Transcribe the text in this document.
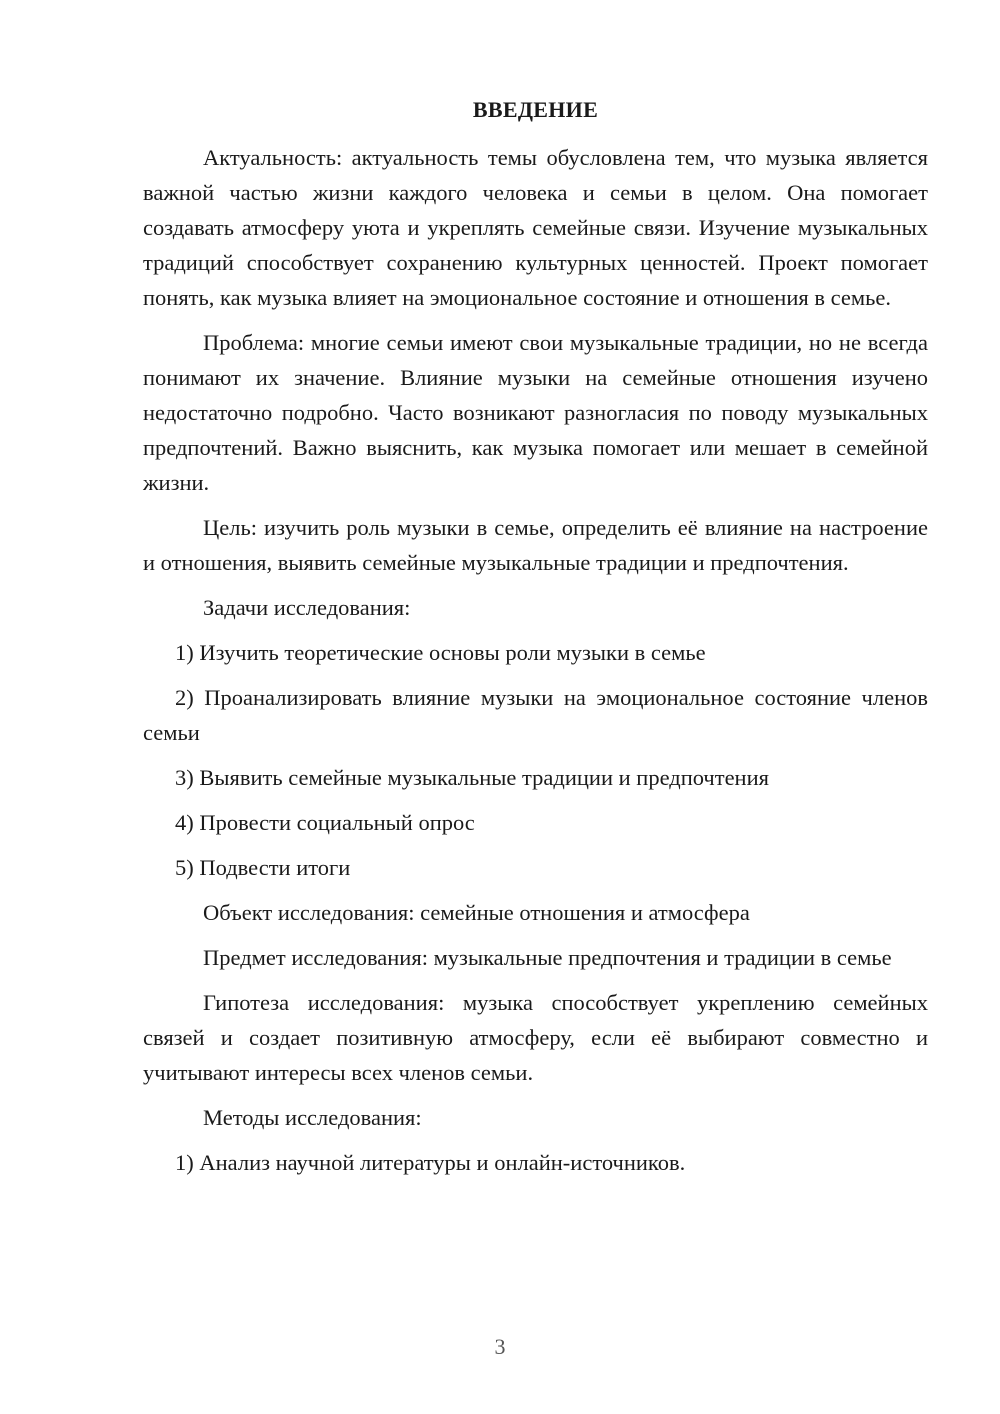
ВВЕДЕНИЕ

Актуальность: актуальность темы обусловлена тем, что музыка является важной частью жизни каждого человека и семьи в целом. Она помогает создавать атмосферу уюта и укреплять семейные связи. Изучение музыкальных традиций способствует сохранению культурных ценностей. Проект помогает понять, как музыка влияет на эмоциональное состояние и отношения в семье.

Проблема: многие семьи имеют свои музыкальные традиции, но не всегда понимают их значение. Влияние музыки на семейные отношения изучено недостаточно подробно. Часто возникают разногласия по поводу музыкальных предпочтений. Важно выяснить, как музыка помогает или мешает в семейной жизни.

Цель: изучить роль музыки в семье, определить её влияние на настроение и отношения, выявить семейные музыкальные традиции и предпочтения.

Задачи исследования:

1) Изучить теоретические основы роли музыки в семье

2) Проанализировать влияние музыки на эмоциональное состояние членов семьи

3) Выявить семейные музыкальные традиции и предпочтения

4) Провести социальный опрос

5) Подвести итоги

Объект исследования: семейные отношения и атмосфера

Предмет исследования: музыкальные предпочтения и традиции в семье

Гипотеза исследования: музыка способствует укреплению семейных связей и создает позитивную атмосферу, если её выбирают совместно и учитывают интересы всех членов семьи.

Методы исследования:

1) Анализ научной литературы и онлайн-источников.

3
